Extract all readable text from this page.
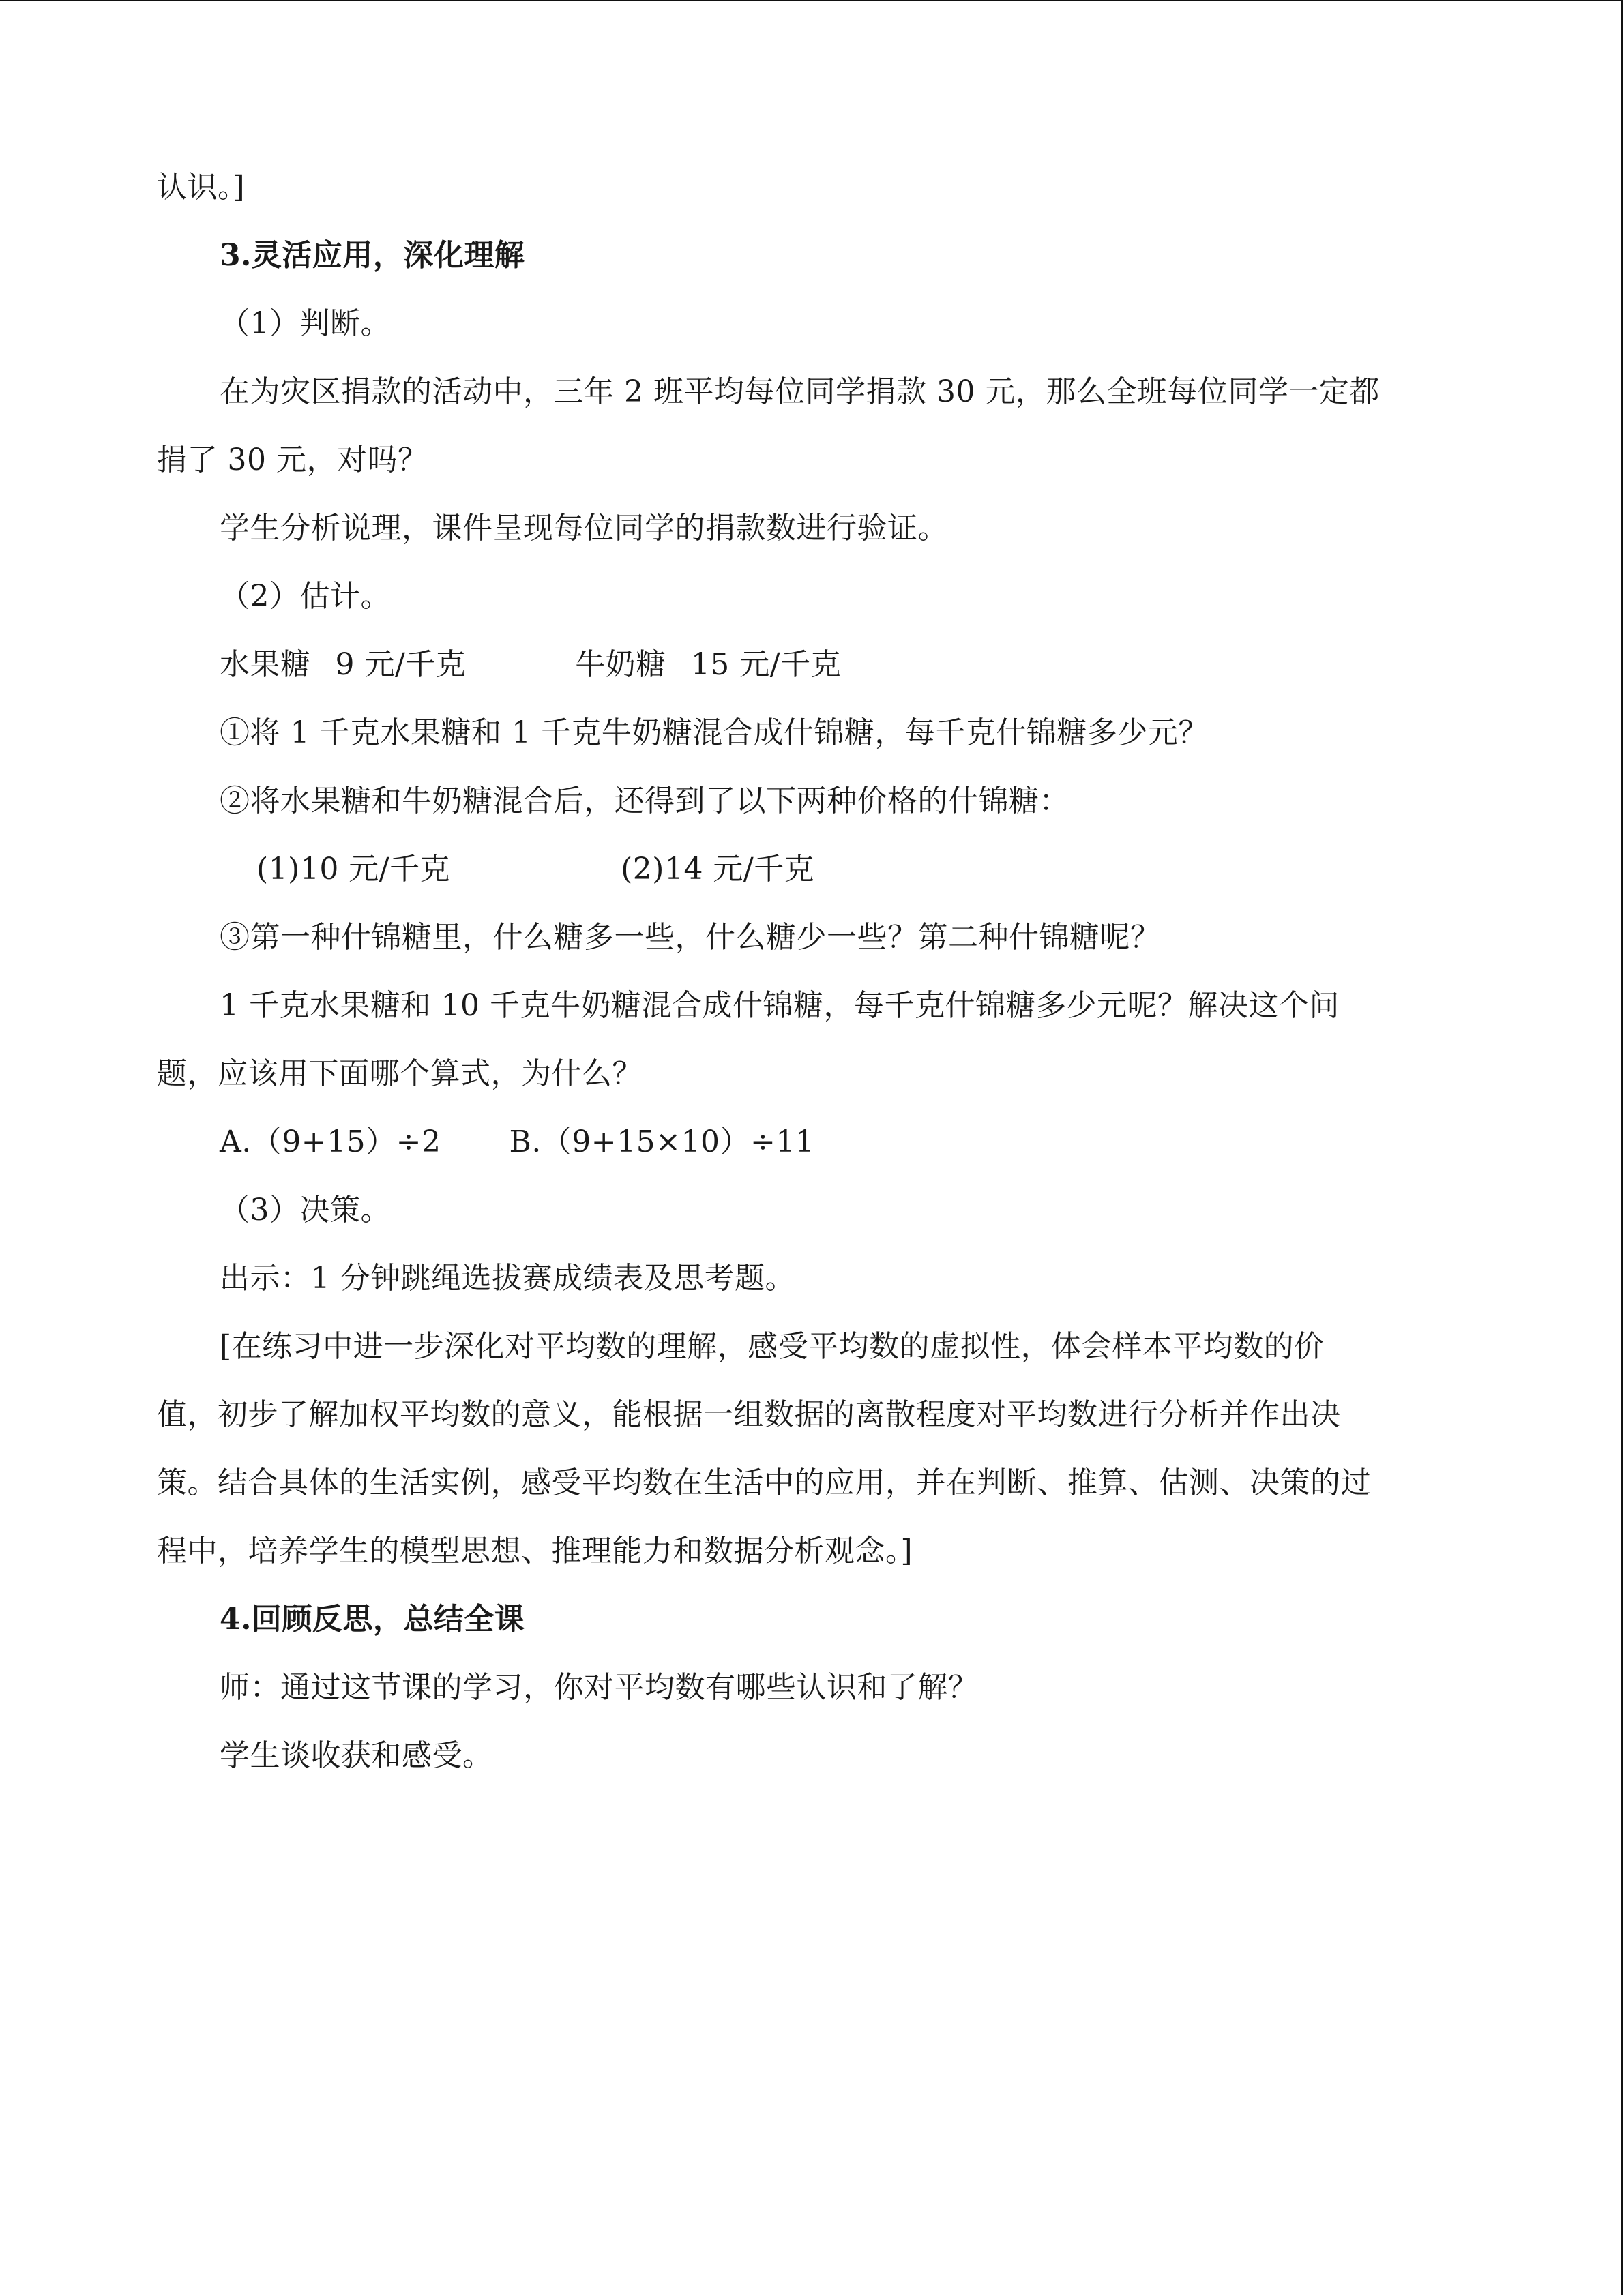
认识。]
3.灵活应用，深化理解
（1）判断。
在为灾区捐款的活动中，三年 2 班平均每位同学捐款 30 元，那么全班每位同学一定都
捐了 30 元，对吗？
学生分析说理，课件呈现每位同学的捐款数进行验证。
（2）估计。
水果糖 9 元/千克	牛奶糖 15 元/千克
①将 1 千克水果糖和 1 千克牛奶糖混合成什锦糖，每千克什锦糖多少元？
②将水果糖和牛奶糖混合后，还得到了以下两种价格的什锦糖：
(1)10 元/千克	(2)14 元/千克
③第一种什锦糖里，什么糖多一些，什么糖少一些？第二种什锦糖呢？
1 千克水果糖和 10 千克牛奶糖混合成什锦糖，每千克什锦糖多少元呢？解决这个问
题，应该用下面哪个算式，为什么？
A.（9+15）÷2 B.（9+15×10）÷11
（3）决策。
出示：1 分钟跳绳选拔赛成绩表及思考题。
[在练习中进一步深化对平均数的理解，感受平均数的虚拟性，体会样本平均数的价
值，初步了解加权平均数的意义，能根据一组数据的离散程度对平均数进行分析并作出决
策。结合具体的生活实例，感受平均数在生活中的应用，并在判断、推算、估测、决策的过
程中，培养学生的模型思想、推理能力和数据分析观念。]
4.回顾反思，总结全课
师：通过这节课的学习，你对平均数有哪些认识和了解？
学生谈收获和感受。
